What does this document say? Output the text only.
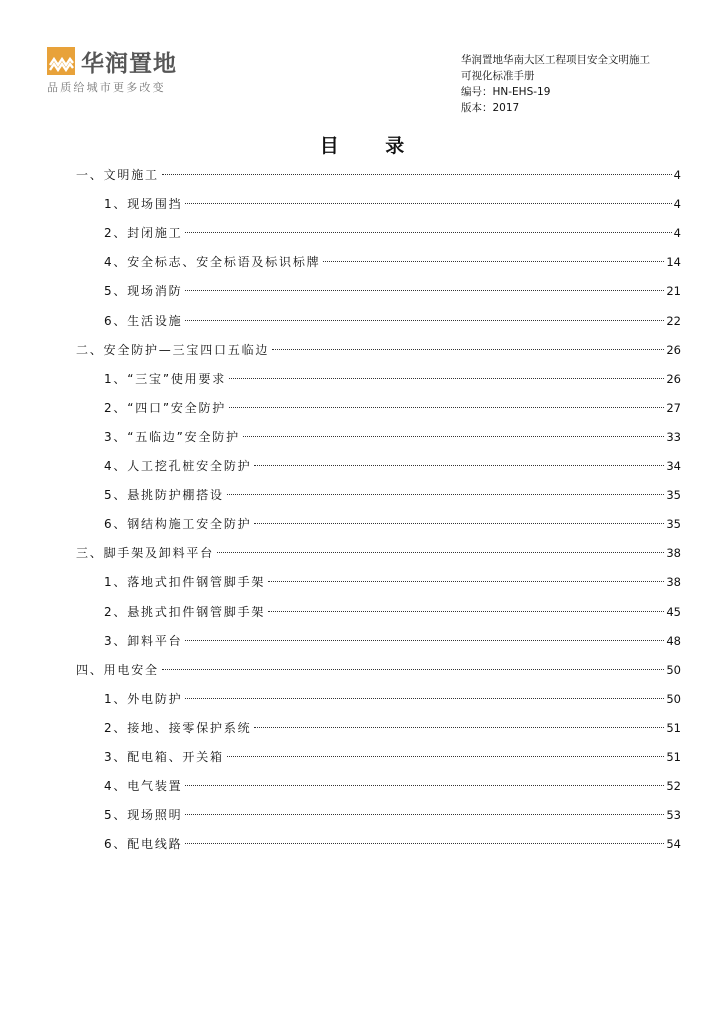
华润置地
品质给城市更多改变
华润置地华南大区工程项目安全文明施工
可视化标准手册
编号：HN-EHS-19
版本：2017
目 录
一、文明施工	4
1、现场围挡	4
2、封闭施工	4
4、安全标志、安全标语及标识标牌	14
5、现场消防	21
6、生活设施	22
二、安全防护—三宝四口五临边	26
1、“三宝”使用要求	26
2、“四口”安全防护	27
3、“五临边”安全防护	33
4、人工挖孔桩安全防护	34
5、悬挑防护棚搭设	35
6、钢结构施工安全防护	35
三、脚手架及卸料平台	38
1、落地式扣件钢管脚手架	38
2、悬挑式扣件钢管脚手架	45
3、卸料平台	48
四、用电安全	50
1、外电防护	50
2、接地、接零保护系统	51
3、配电箱、开关箱	51
4、电气装置	52
5、现场照明	53
6、配电线路	54
